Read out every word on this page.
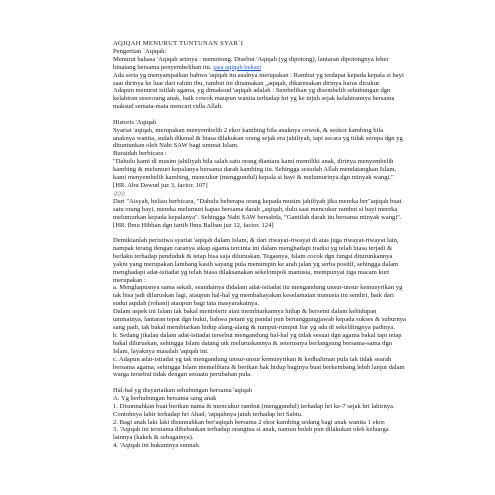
AQIQAH MENURUT TUNTUNAN SYAR`I

Pengertian `Aqiqah:

Menurut bahasa 'Aqiqah artinya : memotong. Disebut 'Aqiqah (yg dipotong), lantaran dipotongnya leher

binatang bersama penyembelihan itu. jasa aqiqah bekasi

Ada serta yg menyampaikan bahwa 'aqiqah itu asalnya merupakan : Rambut yg terdapat kepada kepala si bayi

saat dirinya ke luar dari rahim ibu, rambut ini dinamakan „aqiqah, dikarenakan dirinya harus dicukur.

Adapun menurut istilah agama, yg dimaksud 'aqiqah adalah : Sembelihan yg disembelih sehubungan dgn

kelahiran seseorang anak, baik cowok maupun wanita terhadap hri yg ke tujuh sejak kelahirannya bersama

maksud semata-mata mencari ridla Allah.

Historis 'Aqiqah

Syariat 'aqiqah, merupakan menyembelih 2 ekor kambing bila anaknya cowok, & seekor kambing bila

anaknya wanita, sudah dikenal & biasa dilakukan orang sejak era jahiliyah, tapi secara yg tidak serupa dgn yg

dituntunkan oleh Nabi SAW bagi ummat Islam.

Buraidah berbicara :

"Dahulu kami di musim jahiliyah bila salah satu orang diantara kami memiliki anak, dirinya menyembelih

kambing & melumuri kepalanya bersama darah kambing itu. Sehingga sesudah Allah mendatangkan Islam,

kami menyembelih kambing, mencukur (menggundul) kepala si bayi & melumurinya dgn minyak wangi."

[HR. Abu Dawud juz 3, factor. 107]

ꝯꝯꝯ

Dari "Aisyah, beliau berbicara, "Dahulu beberapa orang kepada musim jahiliyah jika mereka ber"aqiqah buat

satu orang bayi, mereka melumuri kapas bersama darah „aqiqah, dulu saat mencukur rambut si bayi mereka

melumurkan kepada kepalanya". Sehingga Nabi SAW bersabda, "Gantilah darah itu bersama minyak wangi".

[HR. Ibnu Hibban dgn tartib Ibnu Balban juz 12, factor. 124]

Demikianlah peristiwa syariat 'aqiqah dalam Islam, & dari riwayat-riwayat di atas juga riwayat-riwayat lain,

nampak terang dengan caranya sikap agama tercinta ini dalam menghadapi tradisi yg telah biasa terjadi &

berlaku terhadap penduduk & tetap bisa saja diluruskan. Tegasnya, Islam cocok dgn fungsi diturunkannya

yakni yang merupakan lambang kasih sayang pula memimpin ke arah jalan yg serba positif, sehingga dalam

menghadapi adat-istiadat yg telah biasa dilaksanakan sekelompok manusia, mempunyai tiga macam kurt

merupakan :

a. Menghapusnya sama sekali, seandainya didalam adat-istiadat itu mengandung unsur-unsur kemusyrikan yg

tak bisa jadi diluruskan lagi, ataupun hal-hal yg membahayakan keselamatan manusia itu sendiri, baik dari

sudut aqidah (rohani) ataupun bagi tata masyarakatnya.

Dalam aspek ini Islam tak bakal mentolerir atau membiarkannya hidup & bersemi dalam kehidupan

ummatnya, lantaran tepat dgn bukti, bahwa petani yg pandai pun bertanggungjawab kepada sukses & suburnya

sang padi, tak bakal membiarkan hidup alang-alang & rumput-rumput liar yg ada di sekelilingnya padinya.

b. Sedang jikalau dalam adat-istiadat tersebut mengandung hal-hal yg tidak sesuai dgn agama bakal tapi tetap

bakal diluruskan, sehingga Islam datang utk meluruskannya & seterusnya berlangsung bersama-sama dgn

Islam, layaknya masalah 'aqiqah ini.

c. Adapun adat-istiadat yg tak mengandung unsur-unsur kemusyrikan & kedhaliman pula tak tidak searah

bersama agama, sehingga Islam memelihara & berikan hak hidup baginya buat berkembang lebih lanjut dalam

warga tersebut tidak dengan sesuatu perubahan pula.

Hal-hal yg disyariatkan sehubungan bersama 'aqiqah

A. Yg berhubungan bersama sang anak

1. Disunnahkan buat berikan nama & mencukur rambut (menggundul) terhadap hri ke-7 sejak hri lahirnya.

Contohnya lahir terhadap hri Ahad, 'aqiqahnya jatuh terhadap hri Sabtu.

2. Bagi anak laki laki disunnahkan ber'aqiqah bersama 2 ekor kambing sedang bagi anak wanita 1 ekor.

3. 'Aqiqah ini terutama dibebankan terhadap orangtua si anak, namun boleh pun dilakukan oleh keluarga

lainnya (kakek & sebagainya).

4. 'Aqiqah ini hukumnya sunnah.
